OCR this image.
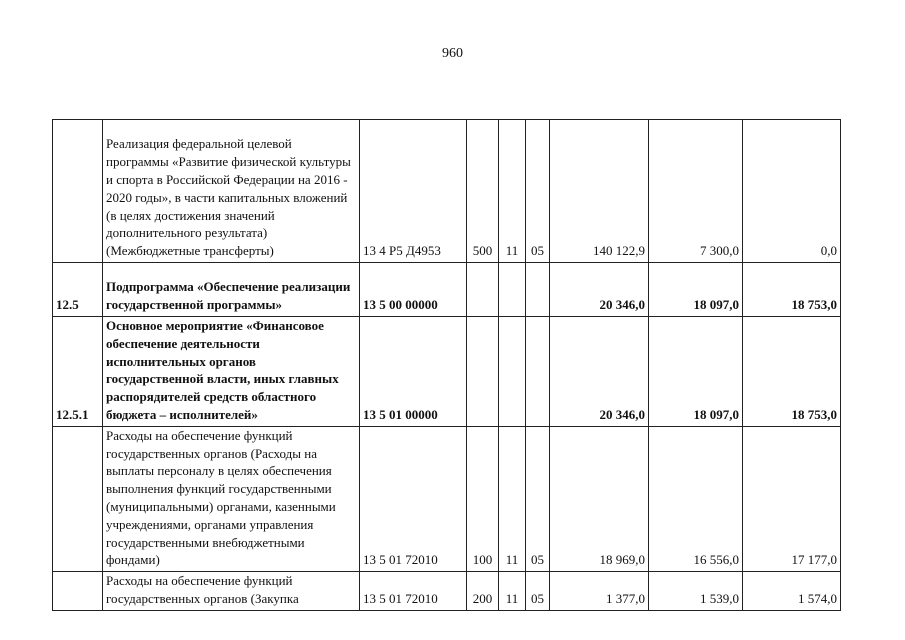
960
	Реализация федеральной целевой программы «Развитие физической культуры и спорта в Российской Федерации на 2016 - 2020 годы», в части капитальных вложений (в целях достижения значений дополнительного результата) (Межбюджетные трансферты)	13 4 P5 Д4953	500	11	05	140 122,9	7 300,0	0,0
12.5	Подпрограмма «Обеспечение реализации государственной программы»	13 5 00 00000				20 346,0	18 097,0	18 753,0
12.5.1	Основное мероприятие «Финансовое обеспечение деятельности исполнительных органов государственной власти, иных главных распорядителей средств областного бюджета – исполнителей»	13 5 01 00000				20 346,0	18 097,0	18 753,0
	Расходы на обеспечение функций государственных органов (Расходы на выплаты персоналу в целях обеспечения выполнения функций государственными (муниципальными) органами, казенными учреждениями, органами управления государственными внебюджетными фондами)	13 5 01 72010	100	11	05	18 969,0	16 556,0	17 177,0
	Расходы на обеспечение функций государственных органов (Закупка	13 5 01 72010	200	11	05	1 377,0	1 539,0	1 574,0
